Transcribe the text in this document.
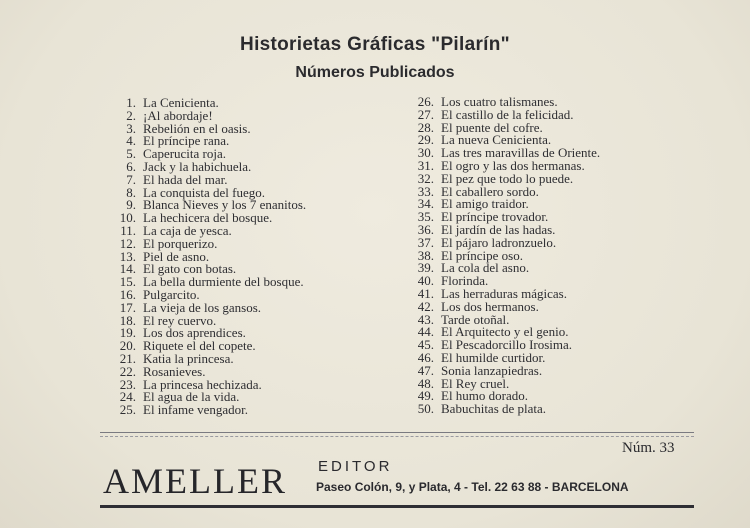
Historietas Gráficas "Pilarín"
Números Publicados
1. La Cenicienta.
2. ¡Al abordaje!
3. Rebelión en el oasis.
4. El príncipe rana.
5. Caperucita roja.
6. Jack y la habichuela.
7. El hada del mar.
8. La conquista del fuego.
9. Blanca Nieves y los 7 enanitos.
10. La hechicera del bosque.
11. La caja de yesca.
12. El porquerizo.
13. Piel de asno.
14. El gato con botas.
15. La bella durmiente del bosque.
16. Pulgarcito.
17. La vieja de los gansos.
18. El rey cuervo.
19. Los dos aprendices.
20. Riquete el del copete.
21. Katia la princesa.
22. Rosanieves.
23. La princesa hechizada.
24. El agua de la vida.
25. El infame vengador.
26. Los cuatro talismanes.
27. El castillo de la felicidad.
28. El puente del cofre.
29. La nueva Cenicienta.
30. Las tres maravillas de Oriente.
31. El ogro y las dos hermanas.
32. El pez que todo lo puede.
33. El caballero sordo.
34. El amigo traidor.
35. El príncipe trovador.
36. El jardín de las hadas.
37. El pájaro ladronzuelo.
38. El príncipe oso.
39. La cola del asno.
40. Florinda.
41. Las herraduras mágicas.
42. Los dos hermanos.
43. Tarde otoñal.
44. El Arquitecto y el genio.
45. El Pescadorcillo Irosima.
46. El humilde curtidor.
47. Sonia lanzapiedras.
48. El Rey cruel.
49. El humo dorado.
50. Babuchitas de plata.
Núm. 33
AMELLER EDITOR
Paseo Colón, 9, y Plata, 4 - Tel. 22 63 88 - BARCELONA
